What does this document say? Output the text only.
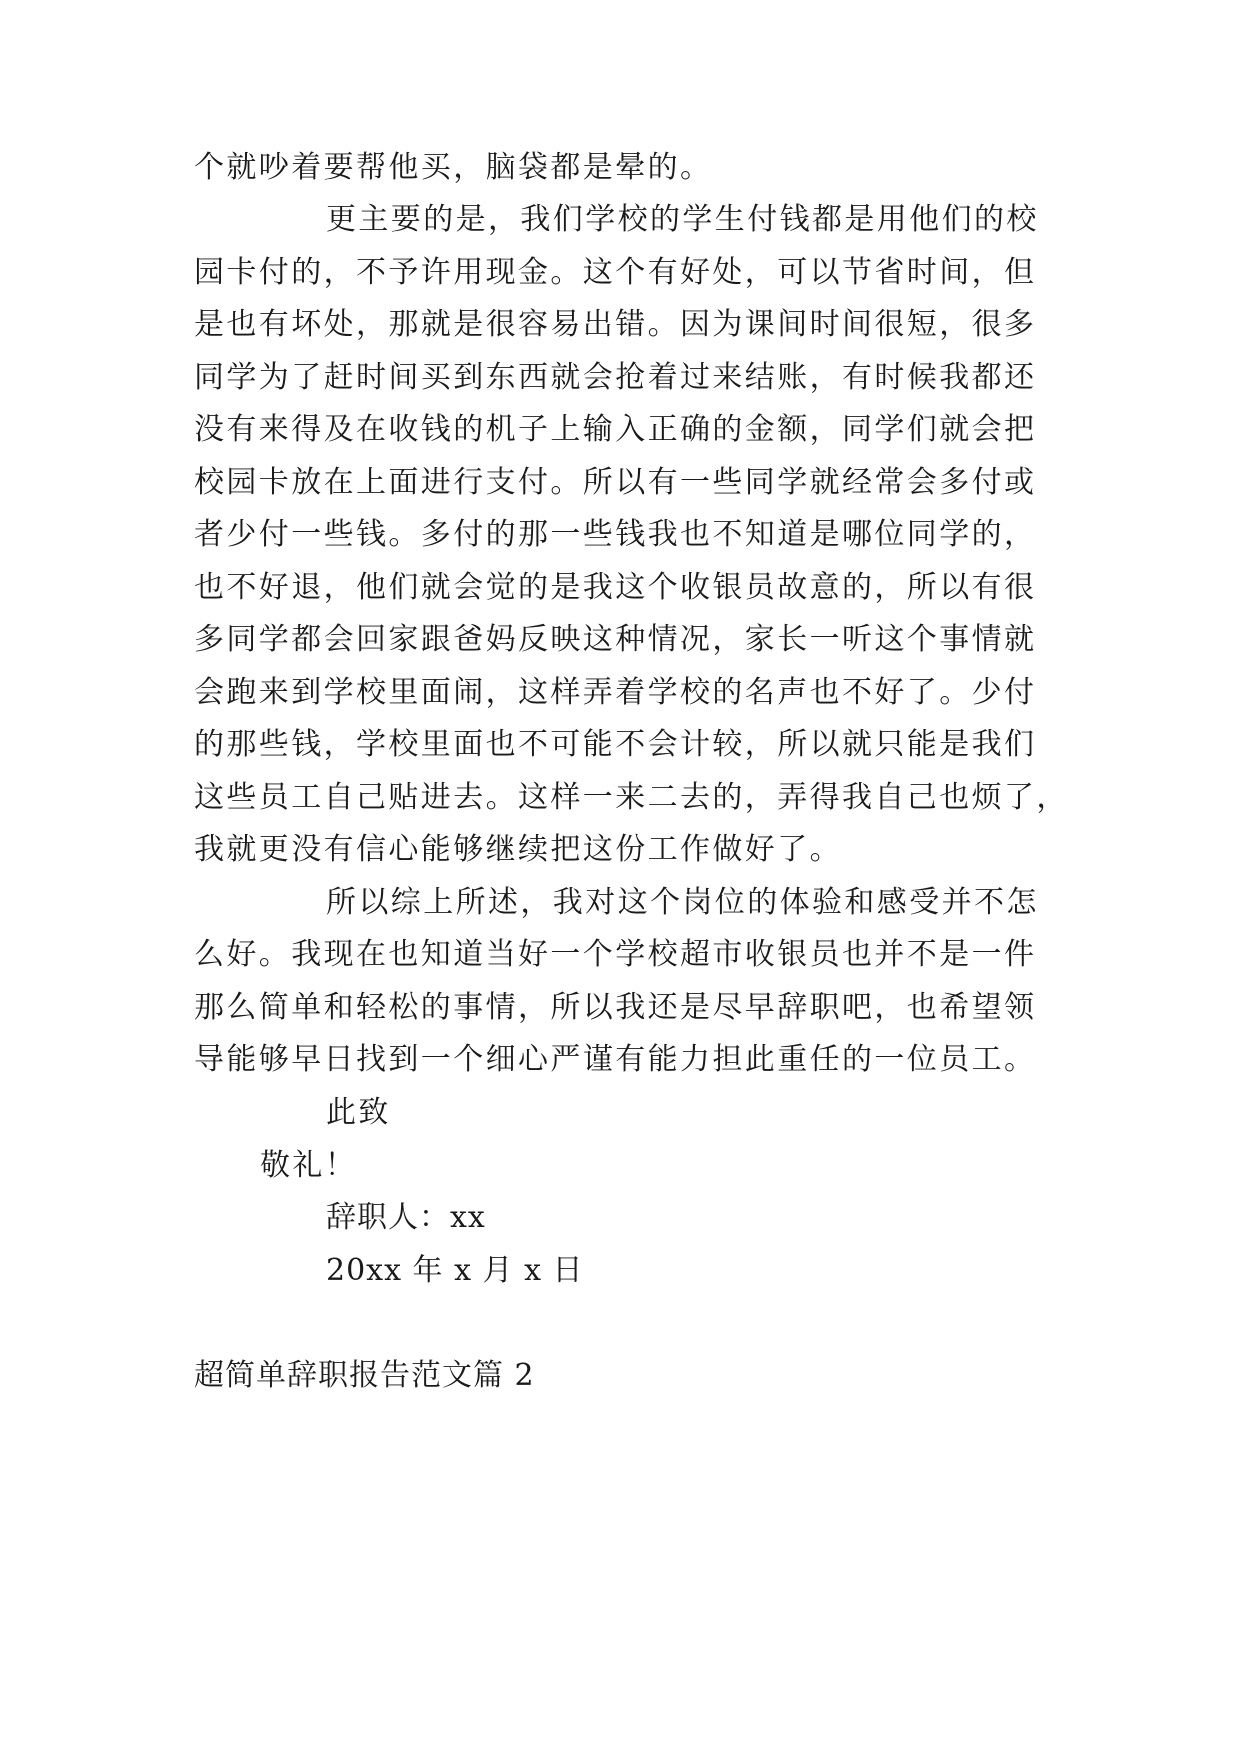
个就吵着要帮他买，脑袋都是晕的。
更主要的是，我们学校的学生付钱都是用他们的校
园卡付的，不予许用现金。这个有好处，可以节省时间，但
是也有坏处，那就是很容易出错。因为课间时间很短，很多
同学为了赶时间买到东西就会抢着过来结账，有时候我都还
没有来得及在收钱的机子上输入正确的金额，同学们就会把
校园卡放在上面进行支付。所以有一些同学就经常会多付或
者少付一些钱。多付的那一些钱我也不知道是哪位同学的，
也不好退，他们就会觉的是我这个收银员故意的，所以有很
多同学都会回家跟爸妈反映这种情况，家长一听这个事情就
会跑来到学校里面闹，这样弄着学校的名声也不好了。少付
的那些钱，学校里面也不可能不会计较，所以就只能是我们
这些员工自己贴进去。这样一来二去的，弄得我自己也烦了，
我就更没有信心能够继续把这份工作做好了。
所以综上所述，我对这个岗位的体验和感受并不怎
么好。我现在也知道当好一个学校超市收银员也并不是一件
那么简单和轻松的事情，所以我还是尽早辞职吧，也希望领
导能够早日找到一个细心严谨有能力担此重任的一位员工。
此致
敬礼！
辞职人：xx
20xx 年 x 月 x 日
超简单辞职报告范文篇 2
